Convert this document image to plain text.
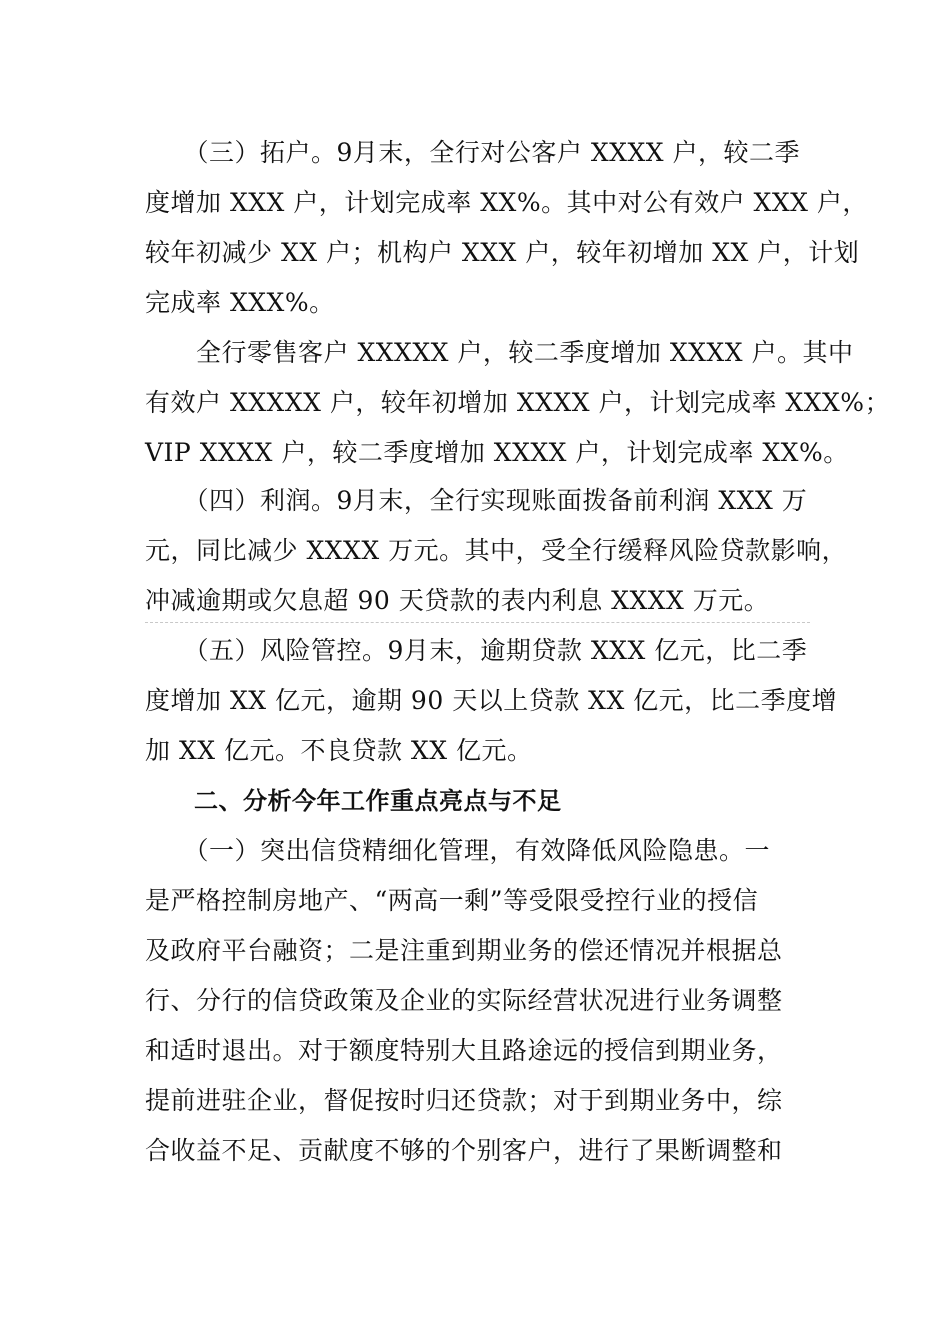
　　（三）拓户。9月末，全行对公客户 XXXX 户，较二季
度增加 XXX 户，计划完成率 XX%。其中对公有效户 XXX 户，
较年初减少 XX 户；机构户 XXX 户，较年初增加 XX 户，计划
完成率 XXX%。
　　全行零售客户 XXXXX 户，较二季度增加 XXXX 户。其中
有效户 XXXXX 户，较年初增加 XXXX 户，计划完成率 XXX%；
VIP XXXX 户，较二季度增加 XXXX 户，计划完成率 XX%。
　　（四）利润。9月末，全行实现账面拨备前利润 XXX 万
元，同比减少 XXXX 万元。其中，受全行缓释风险贷款影响，
冲减逾期或欠息超 90 天贷款的表内利息 XXXX 万元。
　　（五）风险管控。9月末，逾期贷款 XXX 亿元，比二季
度增加 XX 亿元，逾期 90 天以上贷款 XX 亿元，比二季度增
加 XX 亿元。不良贷款 XX 亿元。
　　二、分析今年工作重点亮点与不足
　　（一）突出信贷精细化管理，有效降低风险隐患。一
是严格控制房地产、“两高一剩”等受限受控行业的授信
及政府平台融资；二是注重到期业务的偿还情况并根据总
行、分行的信贷政策及企业的实际经营状况进行业务调整
和适时退出。对于额度特别大且路途远的授信到期业务，
提前进驻企业，督促按时归还贷款；对于到期业务中，综
合收益不足、贡献度不够的个别客户，进行了果断调整和
